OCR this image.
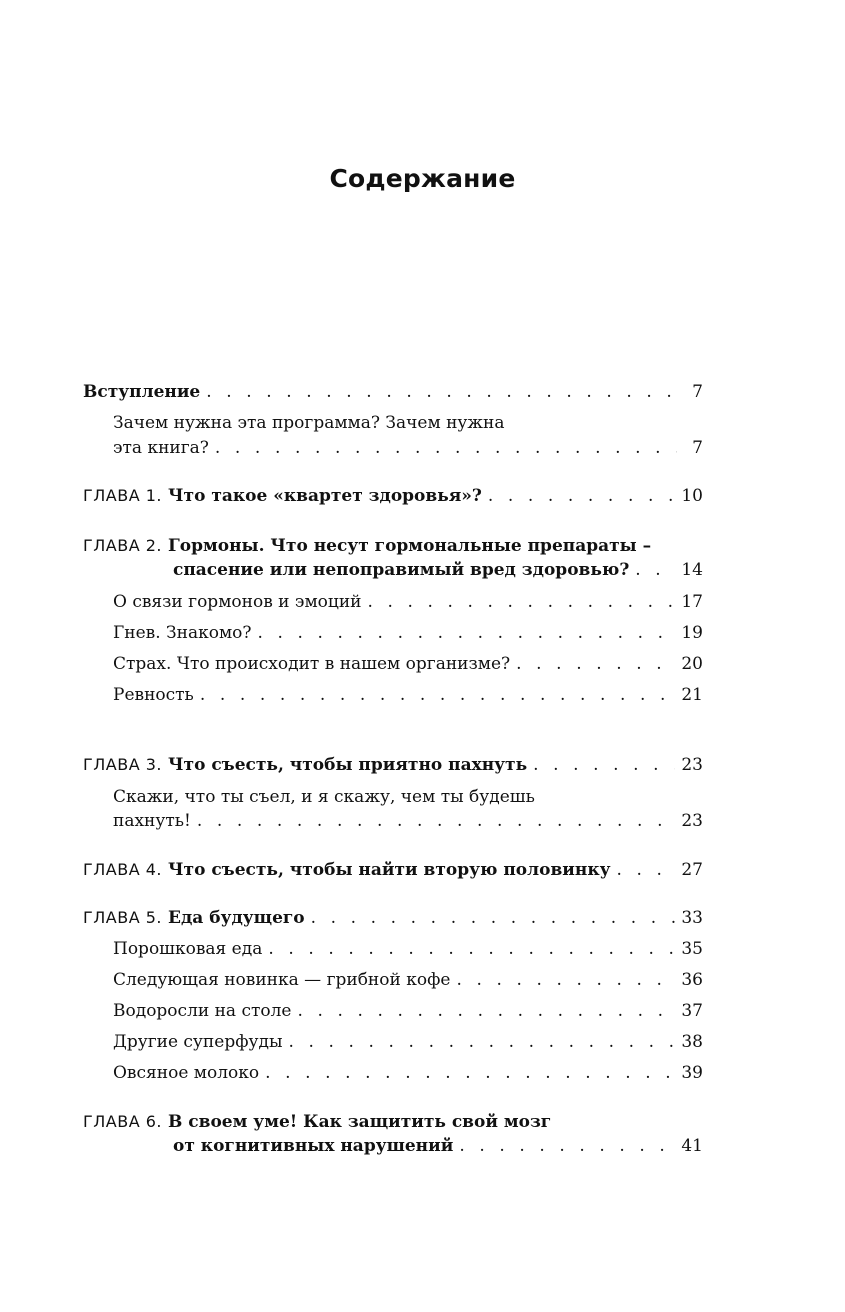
Содержание
Вступление . . .	7
Зачем нужна эта программа? Зачем нужна
эта книга? . . .	7
ГЛАВА 1. Что такое «квартет здоровья»? . . .	10
ГЛАВА 2. Гормоны. Что несут гормональные препараты –
спасение или непоправимый вред здоровью? . . .	14
О связи гормонов и эмоций . . .	17
Гнев. Знакомо? . . .	19
Страх. Что происходит в нашем организме? . . .	20
Ревность . . .	21
ГЛАВА 3. Что съесть, чтобы приятно пахнуть . . .	23
Скажи, что ты съел, и я скажу, чем ты будешь
пахнуть! . . .	23
ГЛАВА 4. Что съесть, чтобы найти вторую половинку . . .	27
ГЛАВА 5. Еда будущего . . .	33
Порошковая еда . . .	35
Следующая новинка — грибной кофе . . .	36
Водоросли на столе . . .	37
Другие суперфуды . . .	38
Овсяное молоко . . .	39
ГЛАВА 6. В своем уме! Как защитить свой мозг
от когнитивных нарушений . . .	41
